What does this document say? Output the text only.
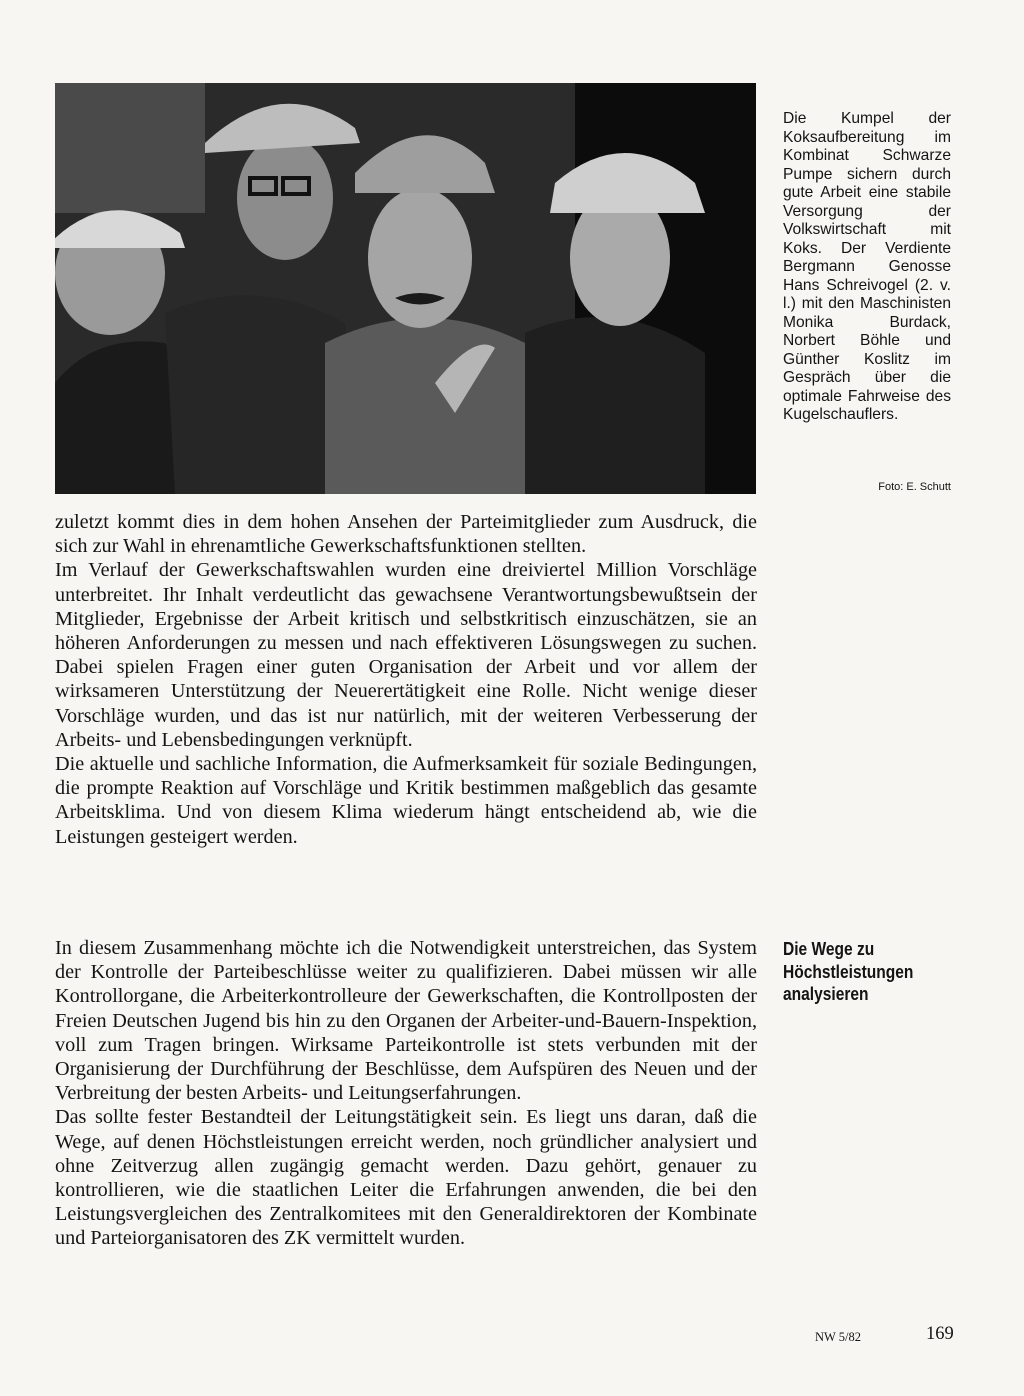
Die Kumpel der Koksaufbereitung im Kombinat Schwarze Pumpe sichern durch gute Arbeit eine stabile Versorgung der Volkswirtschaft mit Koks. Der Verdiente Bergmann Genosse Hans Schreivogel (2. v. l.) mit den Maschinisten Monika Burdack, Norbert Böhle und Günther Koslitz im Gespräch über die optimale Fahrweise des Kugelschauflers.

Foto: E. Schutt

zuletzt kommt dies in dem hohen Ansehen der Parteimitglieder zum Ausdruck, die sich zur Wahl in ehrenamtliche Gewerkschaftsfunktionen stellten.

Im Verlauf der Gewerkschaftswahlen wurden eine dreiviertel Million Vorschläge unterbreitet. Ihr Inhalt verdeutlicht das gewachsene Verantwortungsbewußtsein der Mitglieder, Ergebnisse der Arbeit kritisch und selbstkritisch einzuschätzen, sie an höheren Anforderungen zu messen und nach effektiveren Lösungswegen zu suchen. Dabei spielen Fragen einer guten Organisation der Arbeit und vor allem der wirksameren Unterstützung der Neuerertätigkeit eine Rolle. Nicht wenige dieser Vorschläge wurden, und das ist nur natürlich, mit der weiteren Verbesserung der Arbeits- und Lebensbedingungen verknüpft.

Die aktuelle und sachliche Information, die Aufmerksamkeit für soziale Bedingungen, die prompte Reaktion auf Vorschläge und Kritik bestimmen maßgeblich das gesamte Arbeitsklima. Und von diesem Klima wiederum hängt entscheidend ab, wie die Leistungen gesteigert werden.

Die Wege zu
Höchstleistungen
analysieren

In diesem Zusammenhang möchte ich die Notwendigkeit unterstreichen, das System der Kontrolle der Parteibeschlüsse weiter zu qualifizieren. Dabei müssen wir alle Kontrollorgane, die Arbeiterkontrolleure der Gewerkschaften, die Kontrollposten der Freien Deutschen Jugend bis hin zu den Organen der Arbeiter-und-Bauern-Inspektion, voll zum Tragen bringen. Wirksame Parteikontrolle ist stets verbunden mit der Organisierung der Durchführung der Beschlüsse, dem Aufspüren des Neuen und der Verbreitung der besten Arbeits- und Leitungserfahrungen.

Das sollte fester Bestandteil der Leitungstätigkeit sein. Es liegt uns daran, daß die Wege, auf denen Höchstleistungen erreicht werden, noch gründlicher analysiert und ohne Zeitverzug allen zugängig gemacht werden. Dazu gehört, genauer zu kontrollieren, wie die staatlichen Leiter die Erfahrungen anwenden, die bei den Leistungsvergleichen des Zentralkomitees mit den Generaldirektoren der Kombinate und Parteiorganisatoren des ZK vermittelt wurden.

NW 5/82	169
